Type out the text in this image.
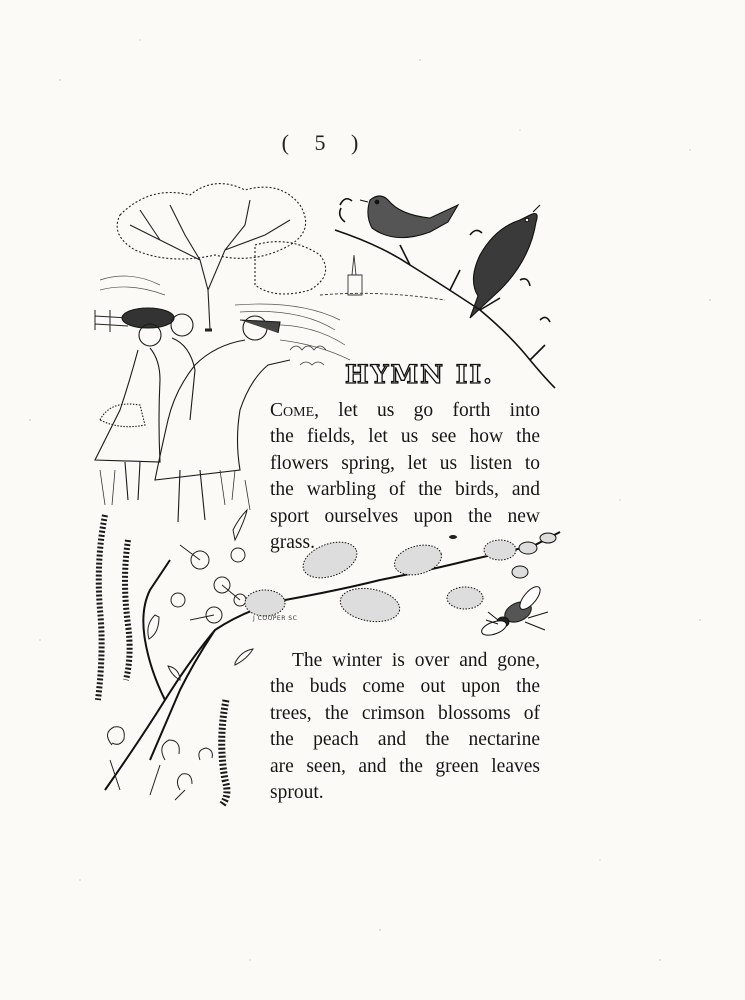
( 5 )
HYMN II.
Come, let us go forth into
the fields, let us see how the
flowers spring, let us listen to
the warbling of the birds, and
sport ourselves upon the new
grass.
J COOPER SC
The winter is over and gone,
the buds come out upon the
trees, the crimson blossoms of
the peach and the nectarine
are seen, and the green leaves
sprout.
